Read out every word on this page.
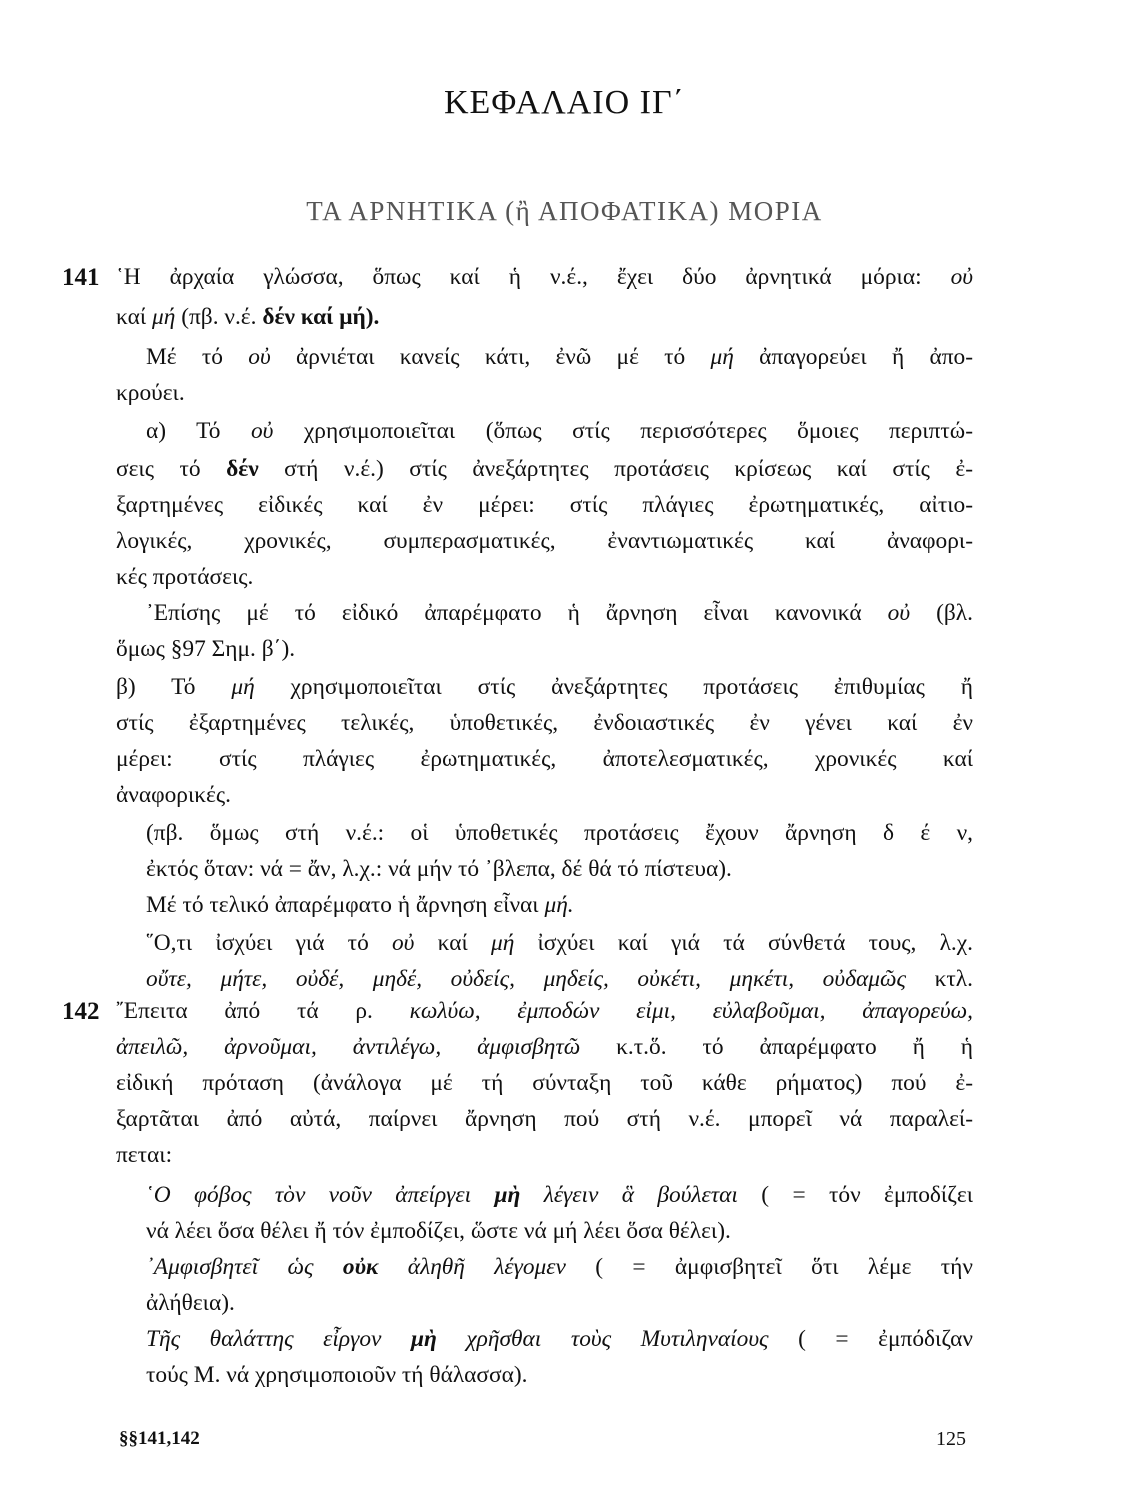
ΚΕΦΑΛΑΙΟ ΙΓ΄
ΤΑ ΑΡΝΗΤΙΚΑ (ἢ ΑΠΟΦΑΤΙΚΑ) ΜΟΡΙΑ
141 ῾Η ἀρχαία γλώσσα, ὅπως καί ἡ ν.έ., ἔχει δύο ἀρνητικά μόρια: οὐ
καί μή (πβ. ν.έ. δέν καί μή).
Μέ τό οὐ ἀρνιέται κανείς κάτι, ἐνῶ μέ τό μή ἀπαγορεύει ἤ ἀπο-
κρούει.
α) Τό οὐ χρησιμοποιεῖται (ὅπως στίς περισσότερες ὅμοιες περιπτώ-
σεις τό δέν στή ν.έ.) στίς ἀνεξάρτητες προτάσεις κρίσεως καί στίς ἐ-
ξαρτημένες εἰδικές καί ἐν μέρει: στίς πλάγιες ἐρωτηματικές, αἰτιο-
λογικές, χρονικές, συμπερασματικές, ἐναντιωματικές καί ἀναφορι-
κές προτάσεις.
᾿Επίσης μέ τό εἰδικό ἀπαρέμφατο ἡ ἄρνηση εἶναι κανονικά οὐ (βλ.
ὅμως §97 Σημ. β΄).
β) Τό μή χρησιμοποιεῖται στίς ἀνεξάρτητες προτάσεις ἐπιθυμίας ἤ
στίς ἐξαρτημένες τελικές, ὑποθετικές, ἐνδοιαστικές ἐν γένει καί ἐν
μέρει: στίς πλάγιες ἐρωτηματικές, ἀποτελεσματικές, χρονικές καί
ἀναφορικές.
(πβ. ὅμως στή ν.έ.: οἱ ὑποθετικές προτάσεις ἔχουν ἄρνηση δ έ ν,
ἐκτός ὅταν: νά = ἄν, λ.χ.: νά μήν τό ᾿βλεπα, δέ θά τό πίστευα).
Μέ τό τελικό ἀπαρέμφατο ἡ ἄρνηση εἶναι μή.
῞Ο,τι ἰσχύει γιά τό οὐ καί μή ἰσχύει καί γιά τά σύνθετά τους, λ.χ.
οὔτε, μήτε, οὐδέ, μηδέ, οὐδείς, μηδείς, οὐκέτι, μηκέτι, οὐδαμῶς κτλ.
142 ῎Επειτα ἀπό τά ρ. κωλύω, ἐμποδών εἰμι, εὐλαβοῦμαι, ἀπαγορεύω,
ἀπειλῶ, ἀρνοῦμαι, ἀντιλέγω, ἀμφισβητῶ κ.τ.ὅ. τό ἀπαρέμφατο ἤ ἡ
εἰδική πρόταση (ἀνάλογα μέ τή σύνταξη τοῦ κάθε ρήματος) πού ἐ-
ξαρτᾶται ἀπό αὐτά, παίρνει ἄρνηση πού στή ν.έ. μπορεῖ νά παραλεί-
πεται:
῾Ο φόβος τὸν νοῦν ἀπείργει μὴ λέγειν ἃ βούλεται ( = τόν ἐμποδίζει
νά λέει ὅσα θέλει ἤ τόν ἐμποδίζει, ὥστε νά μή λέει ὅσα θέλει).
᾿Αμφισβητεῖ ὡς οὐκ ἀληθῆ λέγομεν ( = ἀμφισβητεῖ ὅτι λέμε τήν
ἀλήθεια).
Τῆς θαλάττης εἶργον μὴ χρῆσθαι τοὺς Μυτιληναίους ( = ἐμπόδιζαν
τούς Μ. νά χρησιμοποιοῦν τή θάλασσα).
§§141,142	125
